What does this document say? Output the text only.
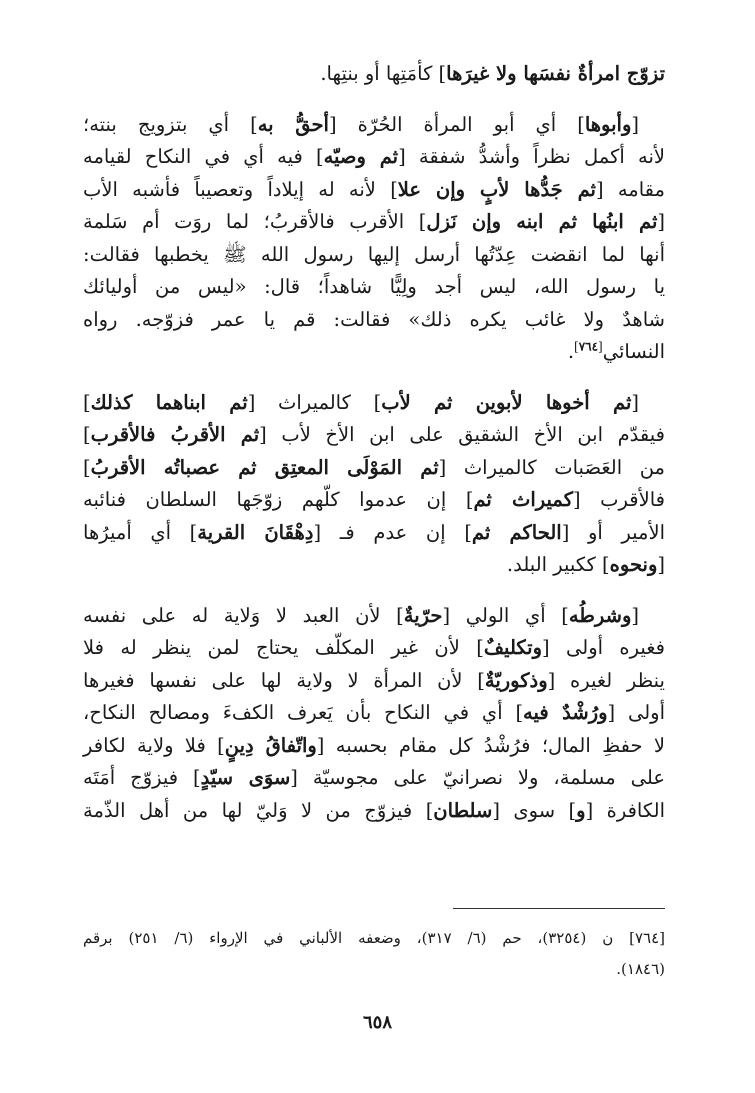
تزوّج امرأةٌ نفسَها ولا غيرَها] كأمَتِها أو بنتِها.

[وأبوها] أي أبو المرأة الحُرّة [أحقُّ به] أي بتزويج بنته؛
لأنه أكمل نظراً وأشدُّ شفقة [ثم وصيّه] فيه أي في النكاح لقيامه
مقامه [ثم جَدُّها لأبٍ وإن علا] لأنه له إيلاداً وتعصيباً فأشبه الأب
[ثم ابنُها ثم ابنه وإن نَزل] الأقرب فالأقربُ؛ لما روَت أم سَلمة
أنها لما انقضت عِدّتُها أرسل إليها رسول الله ﷺ يخطبها فقالت:
يا رسول الله، ليس أجد ولِيًّا شاهداً؛ قال: «ليس من أوليائك
شاهدٌ ولا غائب يكره ذلك» فقالت: قم يا عمر فزوّجه. رواه
النسائي[٧٦٤].

[ثم أخوها لأبوين ثم لأب] كالميراث [ثم ابناهما كذلك]
فيقدّم ابن الأخ الشقيق على ابن الأخ لأب [ثم الأقربُ فالأقرب]
من العَصَبات كالميراث [ثم المَوْلَى المعتِق ثم عصباتُه الأقربُ]
فالأقرب [كميراث ثم] إن عدموا كلّهم زوّجَها السلطان فنائبه
الأمير أو [الحاكم ثم] إن عدم فـ [دِهْقَانَ القرية] أي أميرُها
[ونحوه] ككبير البلد.

[وشرطُه] أي الولي [حرّيةٌ] لأن العبد لا وَلاية له على نفسه
فغيره أولى [وتكليفٌ] لأن غير المكلّف يحتاج لمن ينظر له فلا
ينظر لغيره [وذكوريّةٌ] لأن المرأة لا ولاية لها على نفسها فغيرها
أولى [ورُشْدٌ فيه] أي في النكاح بأن يَعرف الكفءَ ومصالح النكاح،
لا حفظِ المال؛ فرُشْدُ كل مقام بحسبه [واتّفاقُ دِينٍ] فلا ولاية لكافر
على مسلمة، ولا نصرانيّ على مجوسيّة [سوَى سيّدٍ] فيزوّج أمَتَه
الكافرة [و] سوى [سلطان] فيزوّج من لا وَليّ لها من أهل الذّمة

[٧٦٤] ن (٣٢٥٤)، حم (٦/ ٣١٧)، وضعفه الألباني في الإرواء (٦/ ٢٥١) برقم
(١٨٤٦).
٦٥٨
